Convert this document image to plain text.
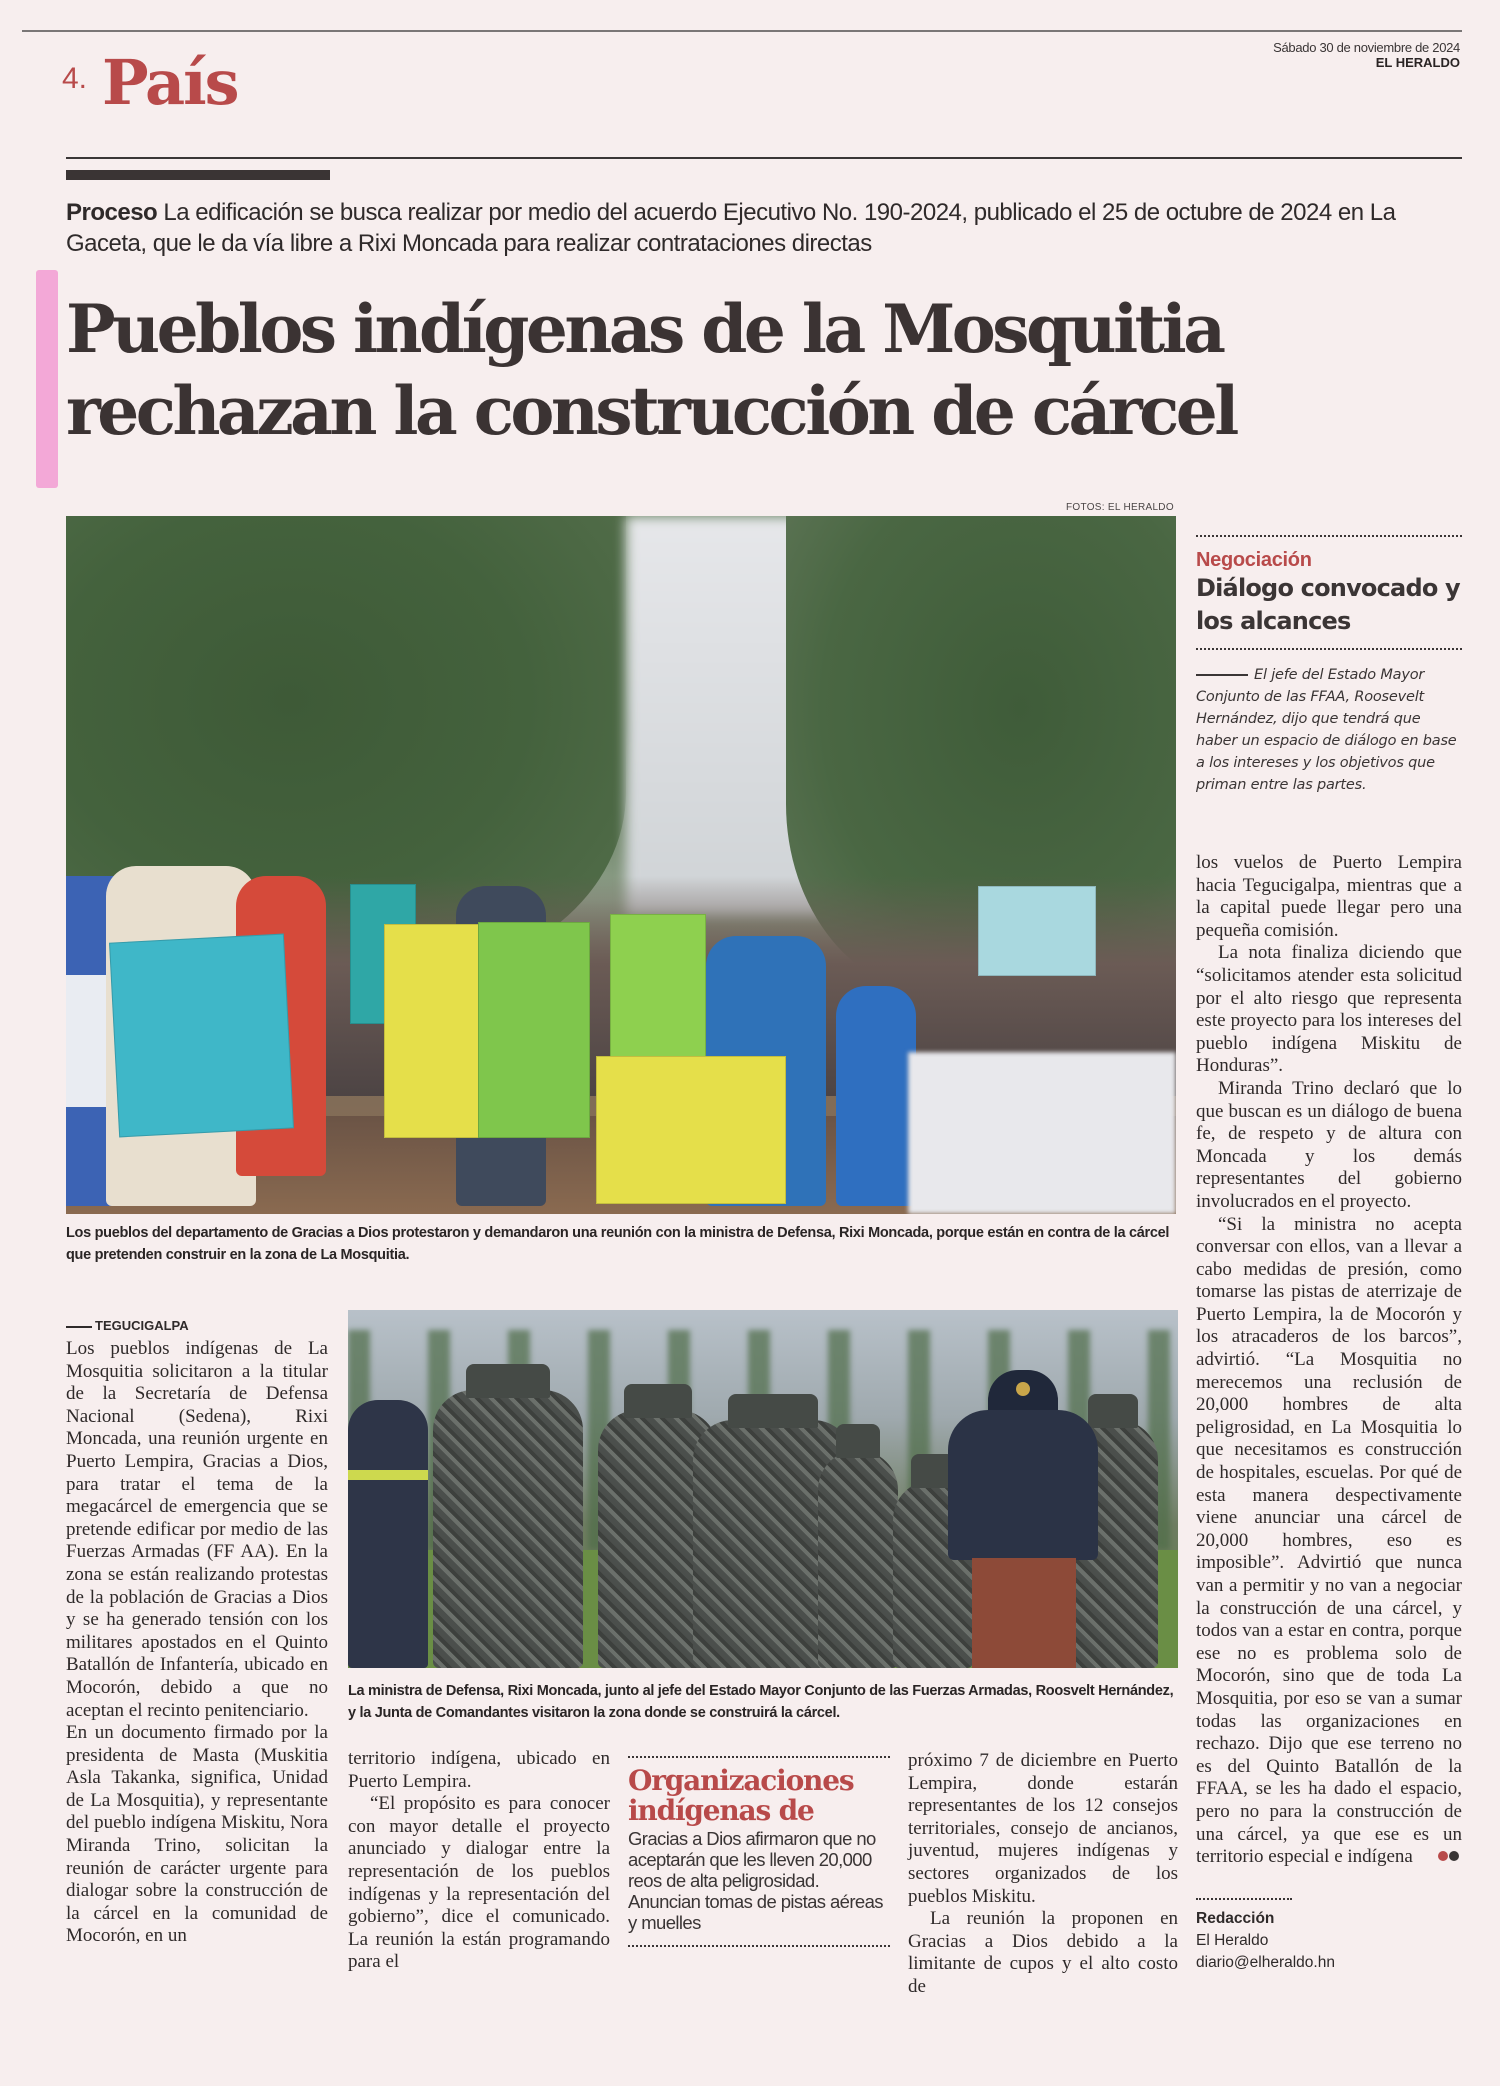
4. País	Sábado 30 de noviembre de 2024
EL HERALDO
Proceso La edificación se busca realizar por medio del acuerdo Ejecutivo No. 190-2024, publicado el 25 de octubre de 2024 en La Gaceta, que le da vía libre a Rixi Moncada para realizar contrataciones directas
Pueblos indígenas de la Mosquitia
rechazan la construcción de cárcel
FOTOS: EL HERALDO
Los pueblos del departamento de Gracias a Dios protestaron y demandaron una reunión con la ministra de Defensa, Rixi Moncada, porque están en contra de la cárcel que pretenden construir en la zona de La Mosquitia.
TEGUCIGALPA

Los pueblos indígenas de La Mosquitia solicitaron a la titular de la Secretaría de Defensa Nacional (Sedena), Rixi Moncada, una reunión urgente en Puerto Lempira, Gracias a Dios, para tratar el tema de la megacárcel de emergencia que se pretende edificar por medio de las Fuerzas Armadas (FF AA). En la zona se están realizando protestas de la población de Gracias a Dios y se ha generado tensión con los militares apostados en el Quinto Batallón de Infantería, ubicado en Mocorón, debido a que no aceptan el recinto penitenciario.

En un documento firmado por la presidenta de Masta (Muskitia Asla Takanka, significa, Unidad de La Mosquitia), y representante del pueblo indígena Miskitu, Nora Miranda Trino, solicitan la reunión de carácter urgente para dialogar sobre la construcción de la cárcel en la comunidad de Mocorón, en un

La ministra de Defensa, Rixi Moncada, junto al jefe del Estado Mayor Conjunto de las Fuerzas Armadas, Roosvelt Hernández, y la Junta de Comandantes visitaron la zona donde se construirá la cárcel.

territorio indígena, ubicado en Puerto Lempira.

“El propósito es para conocer con mayor detalle el proyecto anunciado y dialogar entre la representación de los pueblos indígenas y la representación del gobierno”, dice el comunicado. La reunión la están programando para el

Organizaciones indígenas de
Gracias a Dios afirmaron que no aceptarán que les lleven 20,000 reos de alta peligrosidad. Anuncian tomas de pistas aéreas y muelles

próximo 7 de diciembre en Puerto Lempira, donde estarán representantes de los 12 consejos territoriales, consejo de ancianos, juventud, mujeres indígenas y sectores organizados de los pueblos Miskitu.

La reunión la proponen en Gracias a Dios debido a la limitante de cupos y el alto costo de

Negociación
Diálogo convocado y los alcances
El jefe del Estado Mayor Conjunto de las FFAA, Roosevelt Hernández, dijo que tendrá que haber un espacio de diálogo en base a los intereses y los objetivos que priman entre las partes.

los vuelos de Puerto Lempira hacia Tegucigalpa, mientras que a la capital puede llegar pero una pequeña comisión.

La nota finaliza diciendo que “solicitamos atender esta solicitud por el alto riesgo que representa este proyecto para los intereses del pueblo indígena Miskitu de Honduras”.

Miranda Trino declaró que lo que buscan es un diálogo de buena fe, de respeto y de altura con Moncada y los demás representantes del gobierno involucrados en el proyecto.

“Si la ministra no acepta conversar con ellos, van a llevar a cabo medidas de presión, como tomarse las pistas de aterrizaje de Puerto Lempira, la de Mocorón y los atracaderos de los barcos”, advirtió. “La Mosquitia no merecemos una reclusión de 20,000 hombres de alta peligrosidad, en La Mosquitia lo que necesitamos es construcción de hospitales, escuelas. Por qué de esta manera despectivamente viene anunciar una cárcel de 20,000 hombres, eso es imposible”. Advirtió que nunca van a permitir y no van a negociar la construcción de una cárcel, y todos van a estar en contra, porque ese no es problema solo de Mocorón, sino que de toda La Mosquitia, por eso se van a sumar todas las organizaciones en rechazo. Dijo que ese terreno no es del Quinto Batallón de la FFAA, se les ha dado el espacio, pero no para la construcción de una cárcel, ya que ese es un territorio especial e indígena

Redacción
El Heraldo
diario@elheraldo.hn
